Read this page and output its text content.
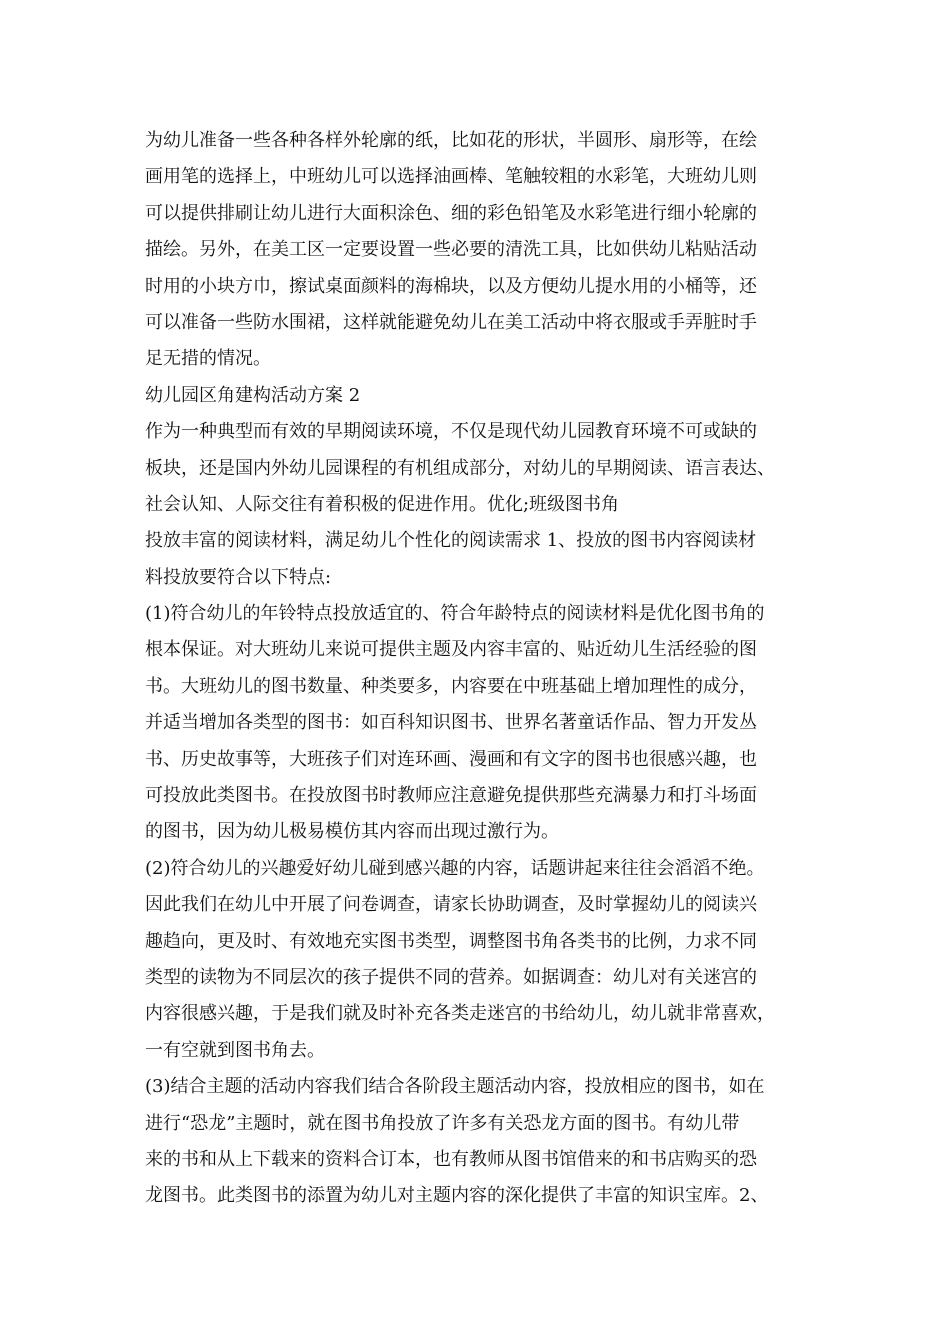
为幼儿准备一些各种各样外轮廓的纸，比如花的形状，半圆形、扇形等，在绘
画用笔的选择上，中班幼儿可以选择油画棒、笔触较粗的水彩笔，大班幼儿则
可以提供排刷让幼儿进行大面积涂色、细的彩色铅笔及水彩笔进行细小轮廓的
描绘。另外，在美工区一定要设置一些必要的清洗工具，比如供幼儿粘贴活动
时用的小块方巾，擦试桌面颜料的海棉块，以及方便幼儿提水用的小桶等，还
可以准备一些防水围裙，这样就能避免幼儿在美工活动中将衣服或手弄脏时手
足无措的情况。
幼儿园区角建构活动方案 2
作为一种典型而有效的早期阅读环境，不仅是现代幼儿园教育环境不可或缺的
板块，还是国内外幼儿园课程的有机组成部分，对幼儿的早期阅读、语言表达、
社会认知、人际交往有着积极的促进作用。优化;班级图书角
投放丰富的阅读材料，满足幼儿个性化的阅读需求 1、投放的图书内容阅读材
料投放要符合以下特点:
(1)符合幼儿的年铃特点投放适宜的、符合年龄特点的阅读材料是优化图书角的
根本保证。对大班幼儿来说可提供主题及内容丰富的、贴近幼儿生活经验的图
书。大班幼儿的图书数量、种类要多，内容要在中班基础上增加理性的成分，
并适当增加各类型的图书：如百科知识图书、世界名著童话作品、智力开发丛
书、历史故事等，大班孩子们对连环画、漫画和有文字的图书也很感兴趣，也
可投放此类图书。在投放图书时教师应注意避免提供那些充满暴力和打斗场面
的图书，因为幼儿极易模仿其内容而出现过激行为。
(2)符合幼儿的兴趣爱好幼儿碰到感兴趣的内容，话题讲起来往往会滔滔不绝。
因此我们在幼儿中开展了问卷调查，请家长协助调查，及时掌握幼儿的阅读兴
趣趋向，更及时、有效地充实图书类型，调整图书角各类书的比例，力求不同
类型的读物为不同层次的孩子提供不同的营养。如据调查：幼儿对有关迷宫的
内容很感兴趣，于是我们就及时补充各类走迷宫的书给幼儿，幼儿就非常喜欢，
一有空就到图书角去。
(3)结合主题的活动内容我们结合各阶段主题活动内容，投放相应的图书，如在
进行“恐龙”主题时，就在图书角投放了许多有关恐龙方面的图书。有幼儿带
来的书和从上下载来的资料合订本，也有教师从图书馆借来的和书店购买的恐
龙图书。此类图书的添置为幼儿对主题内容的深化提供了丰富的知识宝库。2、
